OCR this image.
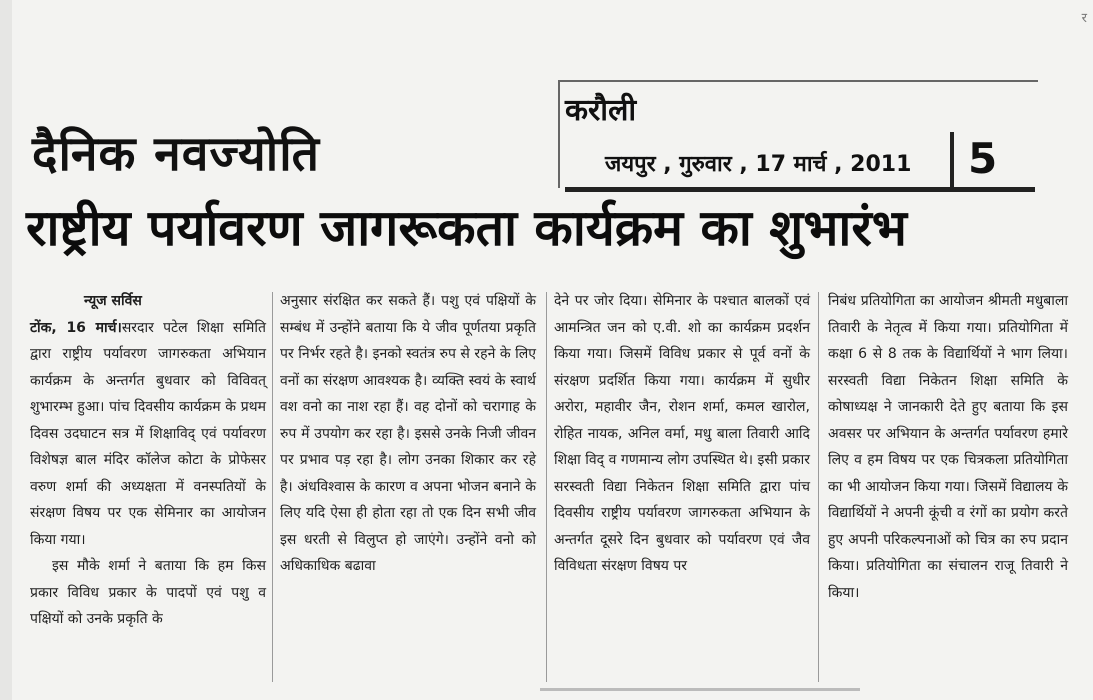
र
दैनिक नवज्योति
करौली
जयपुर , गुरुवार , 17 मार्च , 2011 5
राष्ट्रीय पर्यावरण जागरूकता कार्यक्रम का शुभारंभ
न्यूज सर्विस

टोंक, 16 मार्च।सरदार पटेल शिक्षा समिति द्वारा राष्ट्रीय पर्यावरण जागरुकता अभियान कार्यक्रम के अन्तर्गत बुधवार को विविवत् शुभारम्भ हुआ। पांच दिवसीय कार्यक्रम के प्रथम दिवस उदघाटन सत्र में शिक्षाविद् एवं पर्यावरण विशेषज्ञ बाल मंदिर कॉलेज कोटा के प्रोफेसर वरुण शर्मा की अध्यक्षता में वनस्पतियों के संरक्षण विषय पर एक सेमिनार का आयोजन किया गया।

इस मौके शर्मा ने बताया कि हम किस प्रकार विविध प्रकार के पादपों एवं पशु व पक्षियों को उनके प्रकृति के

अनुसार संरक्षित कर सकते हैं। पशु एवं पक्षियों के सम्बंध में उन्होंने बताया कि ये जीव पूर्णतया प्रकृति पर निर्भर रहते है। इनको स्वतंत्र रुप से रहने के लिए वनों का संरक्षण आवश्यक है। व्यक्ति स्वयं के स्वार्थ वश वनो का नाश रहा हैं। वह दोनों को चरागाह के रुप में उपयोग कर रहा है। इससे उनके निजी जीवन पर प्रभाव पड़ रहा है। लोग उनका शिकार कर रहे है। अंधविश्वास के कारण व अपना भोजन बनाने के लिए यदि ऐसा ही होता रहा तो एक दिन सभी जीव इस धरती से विलुप्त हो जाएंगे। उन्होंने वनो को अधिकाधिक बढावा

देने पर जोर दिया। सेमिनार के पश्चात बालकों एवं आमन्त्रित जन को ए.वी. शो का कार्यक्रम प्रदर्शन किया गया। जिसमें विविध प्रकार से पूर्व वनों के संरक्षण प्रदर्शित किया गया। कार्यक्रम में सुधीर अरोरा, महावीर जैन, रोशन शर्मा, कमल खारोल, रोहित नायक, अनिल वर्मा, मधु बाला तिवारी आदि शिक्षा विद् व गणमान्य लोग उपस्थित थे। इसी प्रकार सरस्वती विद्या निकेतन शिक्षा समिति द्वारा पांच दिवसीय राष्ट्रीय पर्यावरण जागरुकता अभियान के अन्तर्गत दूसरे दिन बुधवार को पर्यावरण एवं जैव विविधता संरक्षण विषय पर

निबंध प्रतियोगिता का आयोजन श्रीमती मधुबाला तिवारी के नेतृत्व में किया गया। प्रतियोगिता में कक्षा 6 से 8 तक के विद्यार्थियों ने भाग लिया। सरस्वती विद्या निकेतन शिक्षा समिति के कोषाध्यक्ष ने जानकारी देते हुए बताया कि इस अवसर पर अभियान के अन्तर्गत पर्यावरण हमारे लिए व हम विषय पर एक चित्रकला प्रतियोगिता का भी आयोजन किया गया। जिसमें विद्यालय के विद्यार्थियों ने अपनी कूंची व रंगों का प्रयोग करते हुए अपनी परिकल्पनाओं को चित्र का रुप प्रदान किया। प्रतियोगिता का संचालन राजू तिवारी ने किया।
